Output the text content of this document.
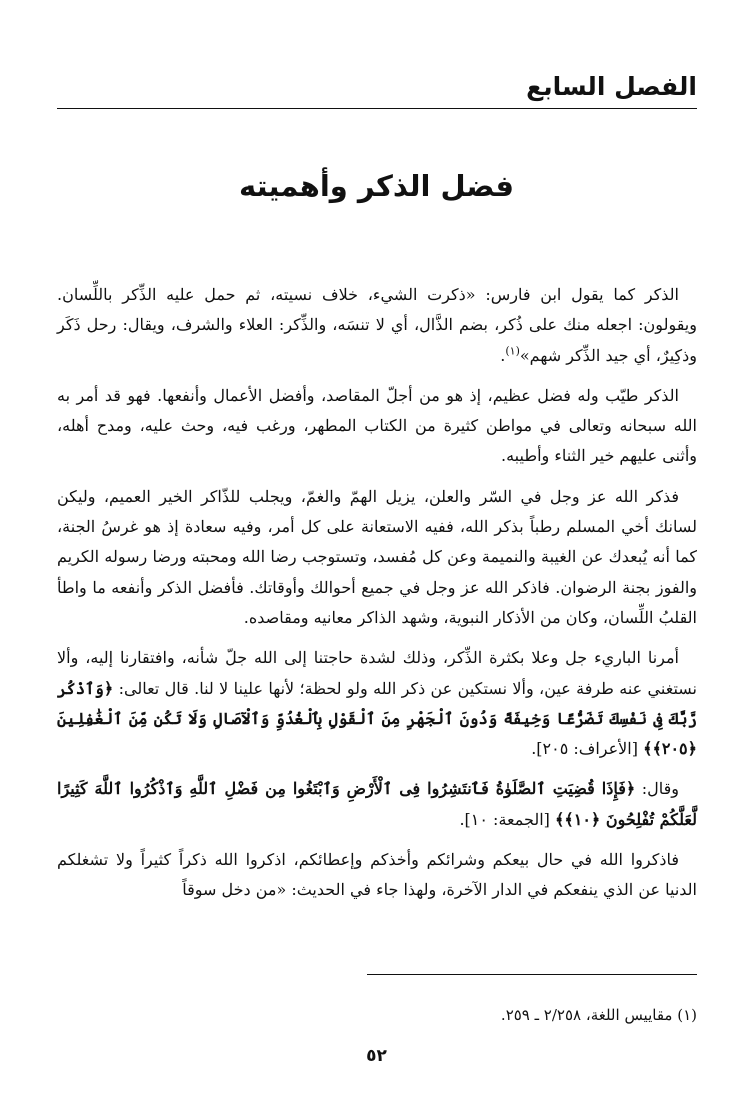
الفصل السابع
فضل الذكر وأهميته

الذكر كما يقول ابن فارس: «ذكرت الشيء، خلاف نسيته، ثم حمل عليه الذِّكر باللِّسان. ويقولون: اجعله منك على ذُكر، بضم الذَّال، أي لا تنسَه، والذِّكر: العلاء والشرف، ويقال: رحل ذَكَر وذكِيرٌ، أي جيد الذِّكر شهم»$^{(١)}$.

الذكر طيّب وله فضل عظيم، إذ هو من أجلّ المقاصد، وأفضل الأعمال وأنفعها. فهو قد أمر به الله سبحانه وتعالى في مواطن كثيرة من الكتاب المطهر، ورغب فيه، وحث عليه، ومدح أهله، وأثنى عليهم خير الثناء وأطيبه.

فذكر الله عز وجل في السّر والعلن، يزيل الهمّ والغمّ، ويجلب للذّاكر الخير العميم، وليكن لسانك أخي المسلم رطباً بذكر الله، ففيه الاستعانة على كل أمر، وفيه سعادة إذ هو غرسُ الجنة، كما أنه يُبعدك عن الغيبة والنميمة وعن كل مُفسد، وتستوجب رضا الله ومحبته ورضا رسوله الكريم والفوز بجنة الرضوان. فاذكر الله عز وجل في جميع أحوالك وأوقاتك. فأفضل الذكر وأنفعه ما واطأ القلبُ اللِّسان، وكان من الأذكار النبوية، وشهد الذاكر معانيه ومقاصده.

أمرنا الباريء جل وعلا بكثرة الذِّكر، وذلك لشدة حاجتنا إلى الله جلّ شأنه، وافتقارنا إليه، وألا نستغني عنه طرفة عين، وألا نستكين عن ذكر الله ولو لحظة؛ لأنها علينا لا لنا. قال تعالى: ﴿وَٱذْكُر رَّبَّكَ فِى نَفْسِكَ تَضَرُّعًا وَخِيفَةً وَدُونَ ٱلْجَهْرِ مِنَ ٱلْقَوْلِ بِٱلْغُدُوِّ وَٱلْآصَالِ وَلَا تَكُن مِّنَ ٱلْغَٰفِلِينَ ﴿٢٠٥﴾﴾ [الأعراف: ٢٠٥].

وقال: ﴿فَإِذَا قُضِيَتِ ٱلصَّلَوٰةُ فَٱنتَشِرُوا فِى ٱلْأَرْضِ وَٱبْتَغُوا مِن فَضْلِ ٱللَّهِ وَٱذْكُرُوا ٱللَّهَ كَثِيرًا لَّعَلَّكُمْ تُفْلِحُونَ ﴿١٠﴾﴾ [الجمعة: ١٠].

فاذكروا الله في حال بيعكم وشرائكم وأخذكم وإعطائكم، اذكروا الله ذكراً كثيراً ولا تشغلكم الدنيا عن الذي ينفعكم في الدار الآخرة، ولهذا جاء في الحديث: «من دخل سوقاً

(١) مقاييس اللغة، ٢/٢٥٨ ـ ٢٥٩.
٥٢
